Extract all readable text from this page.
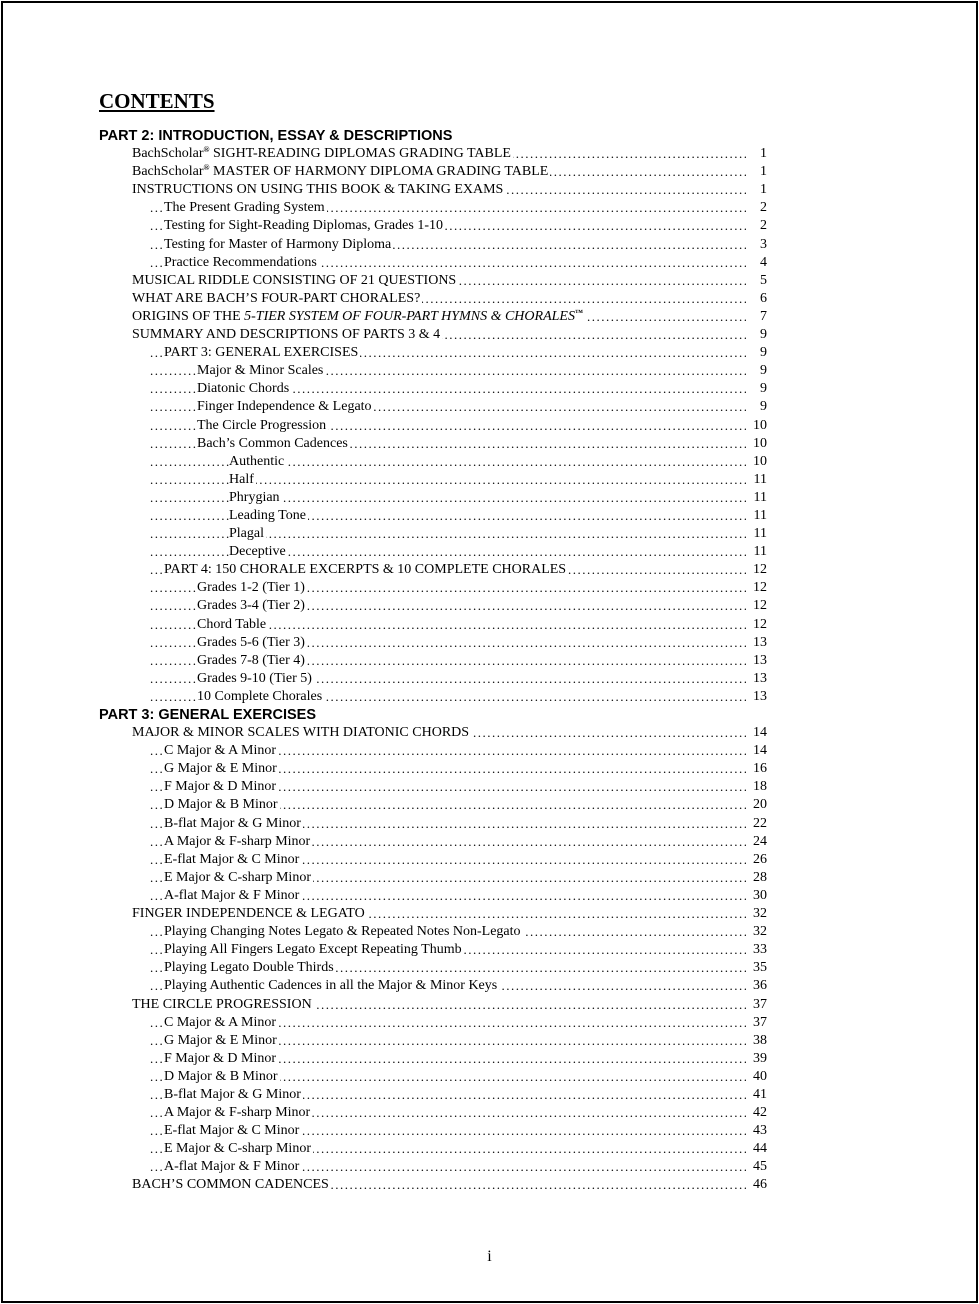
CONTENTS
PART 2: INTRODUCTION, ESSAY & DESCRIPTIONS
BachScholar® SIGHT-READING DIPLOMAS GRADING TABLE .....	1
BachScholar® MASTER OF HARMONY DIPLOMA GRADING TABLE .....	1
INSTRUCTIONS ON USING THIS BOOK & TAKING EXAMS .....	1
The Present Grading System .....	2
Testing for Sight-Reading Diplomas, Grades 1-10 .....	2
Testing for Master of Harmony Diploma .....	3
Practice Recommendations .....	4
MUSICAL RIDDLE CONSISTING OF 21 QUESTIONS .....	5
WHAT ARE BACH’S FOUR-PART CHORALES? .....	6
ORIGINS OF THE 5-TIER SYSTEM OF FOUR-PART HYMNS & CHORALES™ .....	7
SUMMARY AND DESCRIPTIONS OF PARTS 3 & 4 .....	9
PART 3: GENERAL EXERCISES .....	9
Major & Minor Scales .....	9
Diatonic Chords .....	9
Finger Independence & Legato .....	9
The Circle Progression .....	10
Bach’s Common Cadences .....	10
Authentic .....	10
Half .....	11
Phrygian .....	11
Leading Tone .....	11
Plagal .....	11
Deceptive .....	11
PART 4: 150 CHORALE EXCERPTS & 10 COMPLETE CHORALES .....	12
Grades 1-2 (Tier 1) .....	12
Grades 3-4 (Tier 2) .....	12
Chord Table .....	12
Grades 5-6 (Tier 3) .....	13
Grades 7-8 (Tier 4) .....	13
Grades 9-10 (Tier 5) .....	13
10 Complete Chorales .....	13
PART 3: GENERAL EXERCISES
MAJOR & MINOR SCALES WITH DIATONIC CHORDS .....	14
C Major & A Minor .....	14
G Major & E Minor .....	16
F Major & D Minor .....	18
D Major & B Minor .....	20
B-flat Major & G Minor .....	22
A Major & F-sharp Minor .....	24
E-flat Major & C Minor .....	26
E Major & C-sharp Minor .....	28
A-flat Major & F Minor .....	30
FINGER INDEPENDENCE & LEGATO .....	32
Playing Changing Notes Legato & Repeated Notes Non-Legato .....	32
Playing All Fingers Legato Except Repeating Thumb .....	33
Playing Legato Double Thirds .....	35
Playing Authentic Cadences in all the Major & Minor Keys .....	36
THE CIRCLE PROGRESSION .....	37
C Major & A Minor .....	37
G Major & E Minor .....	38
F Major & D Minor .....	39
D Major & B Minor .....	40
B-flat Major & G Minor .....	41
A Major & F-sharp Minor .....	42
E-flat Major & C Minor .....	43
E Major & C-sharp Minor .....	44
A-flat Major & F Minor .....	45
BACH’S COMMON CADENCES .....	46
i
